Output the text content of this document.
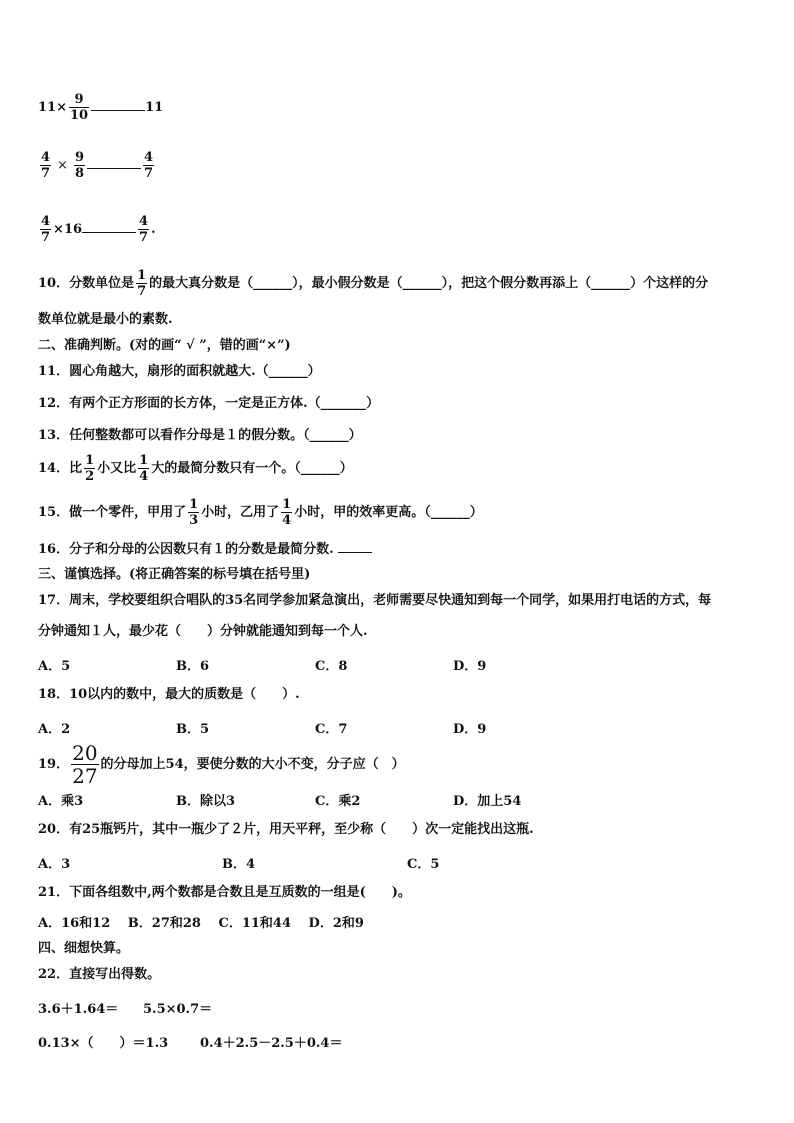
$11\times \frac{9}{10}$	11
$\frac{4}{7} \times \frac{9}{8}$	$\frac{4}{7}$
$\frac{4}{7} \times 16$	$\frac{4}{7}$ .
10．分数单位是 $\frac{1}{7}$ 的最大真分数是（______），最小假分数是（______），把这个假分数再添上（______）个这样的分
数单位就是最小的素数.
二、准确判断。(对的画“ √ ”，错的画“×”)
11．圆心角越大，扇形的面积就越大.（______）
12．有两个正方形面的长方体，一定是正方体.（_______）
13．任何整数都可以看作分母是１的假分数。（______）
14．比 $\frac{1}{2}$ 小又比 $\frac{1}{4}$ 大的最简分数只有一个。（______）
15．做一个零件，甲用了 $\frac{1}{3}$ 小时，乙用了 $\frac{1}{4}$ 小时，甲的效率更高。（______）
16．分子和分母的公因数只有１的分数是最简分数.
三、谨慎选择。(将正确答案的标号填在括号里)
17．周末，学校要组织合唱队的35名同学参加紧急演出，老师需要尽快通知到每一个同学，如果用打电话的方式，每
分钟通知１人，最少花（　　）分钟就能通知到每一个人.
A．5	B．6	C．8	D．9
18．10以内的数中，最大的质数是（　　）.
A．2	B．5	C．7	D．9
19． $\frac{20}{27}$ 的分母加上54，要使分数的大小不变，分子应（　）
A．乘3	B．除以3	C．乘2	D．加上54
20．有25瓶钙片，其中一瓶少了２片，用天平秤，至少称（　　）次一定能找出这瓶.
A．3	B．4	C．5
21．下面各组数中,两个数都是合数且是互质数的一组是(　　)。
A．16和12　 B．27和28　 C．11和44　 D．2和9
四、细想快算。
22．直接写出得数。
3.6＋1.64＝ 5.5×0.7＝
0.13×（　　）＝1.3 0.4＋2.5－2.5＋0.4＝
